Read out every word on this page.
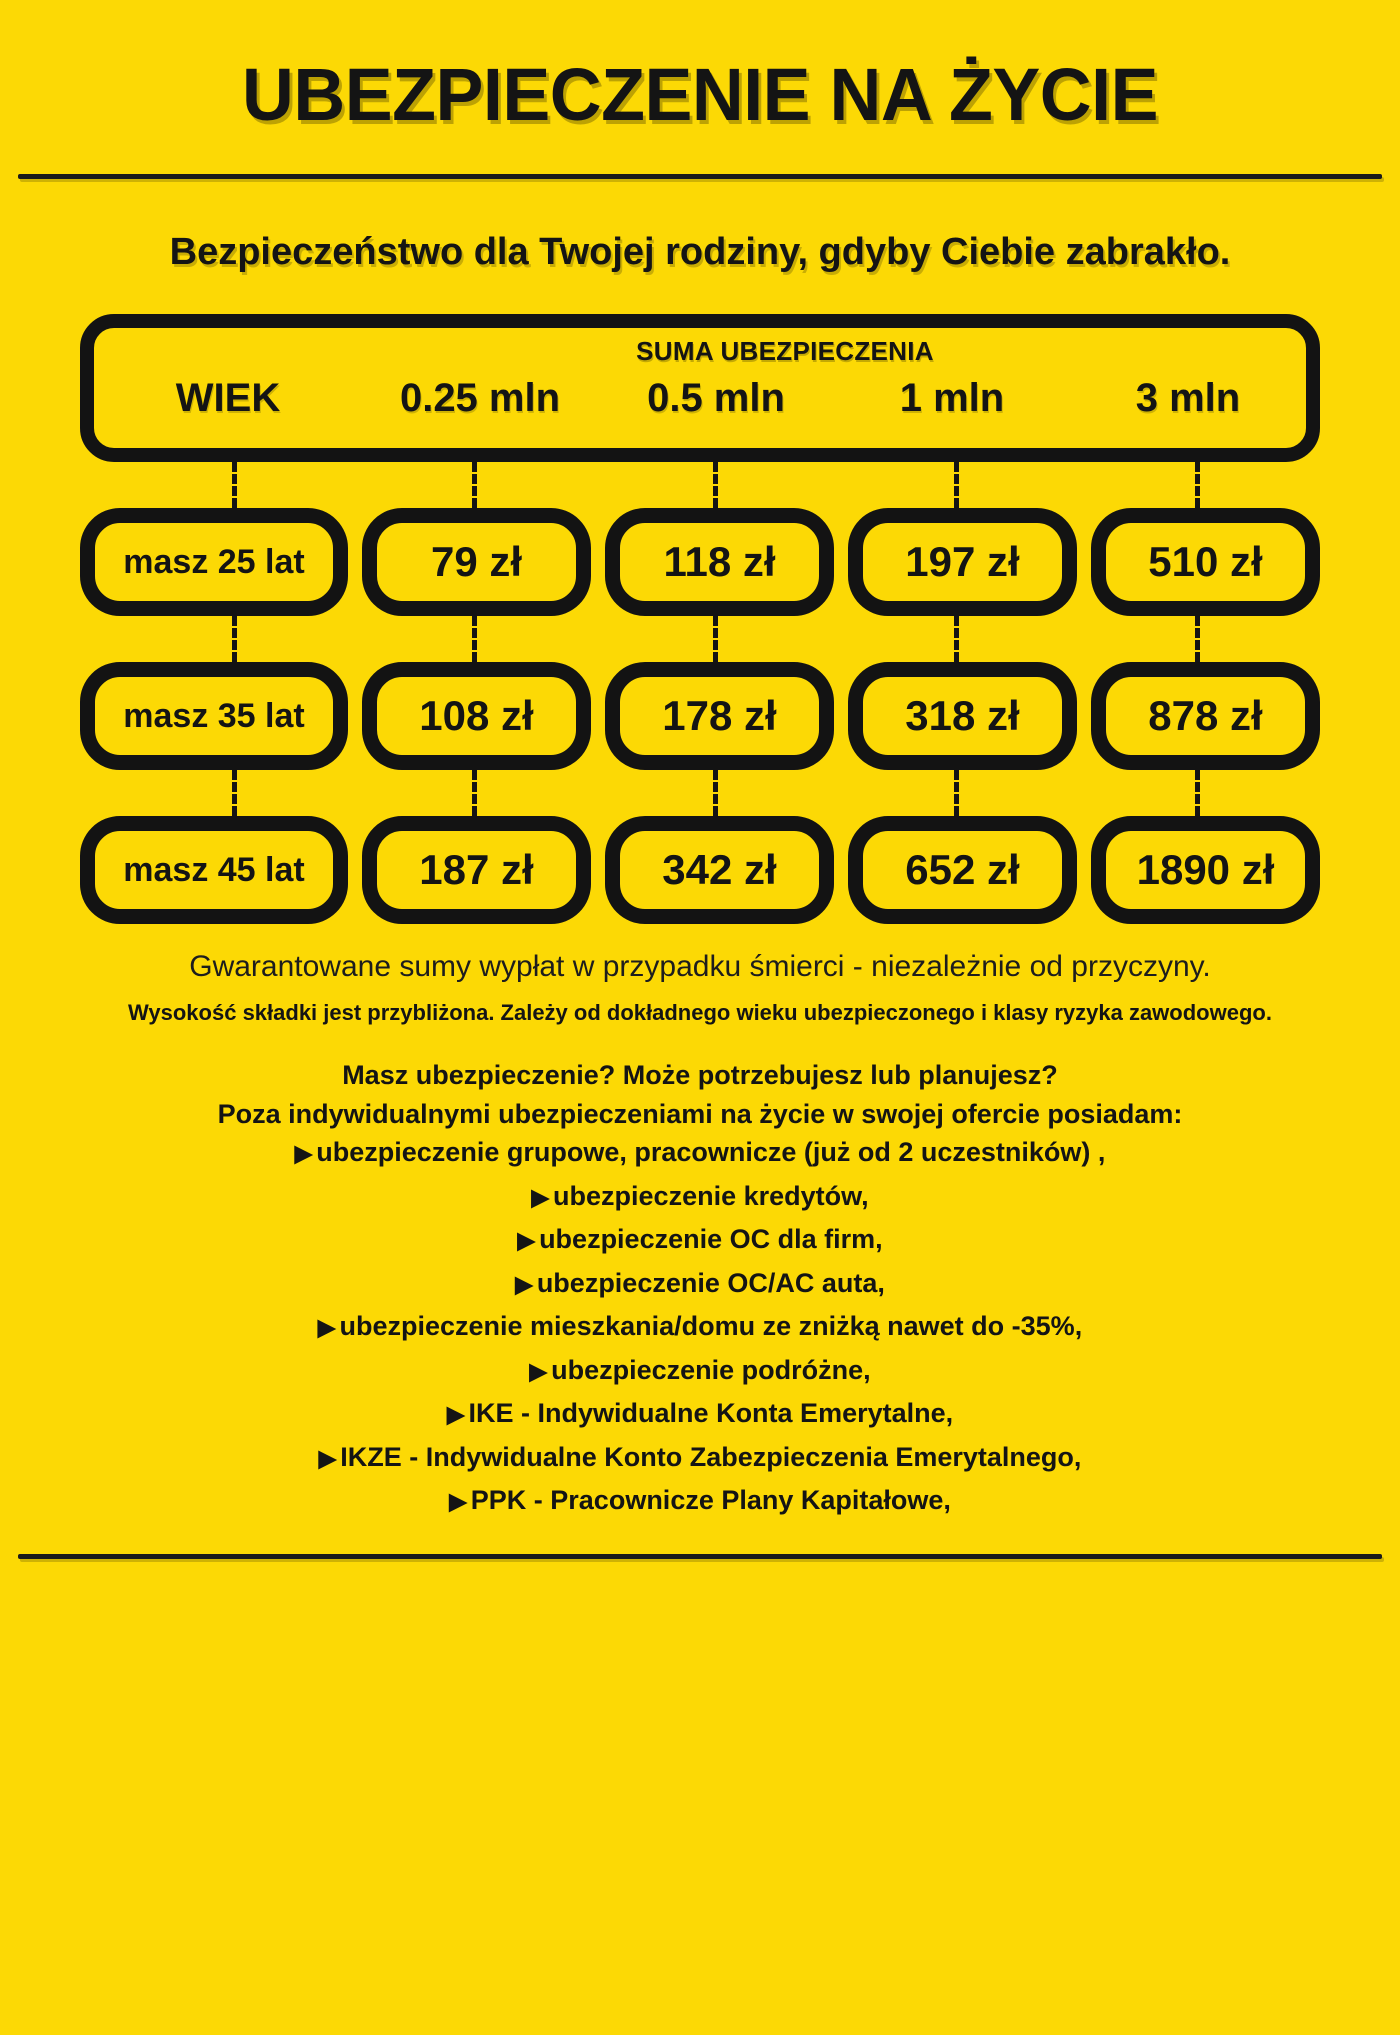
UBEZPIECZENIE NA ŻYCIE
Bezpieczeństwo dla Twojej rodziny, gdyby Ciebie zabrakło.
SUMA UBEZPIECZENIA
WIEK	0.25 mln	0.5 mln	1 mln	3 mln
masz 25 lat	79 zł	118 zł	197 zł	510 zł
masz 35 lat	108 zł	178 zł	318 zł	878 zł
masz 45 lat	187 zł	342 zł	652 zł	1890 zł

Gwarantowane sumy wypłat w przypadku śmierci - niezależnie od przyczyny.

Wysokość składki jest przybliżona. Zależy od dokładnego wieku ubezpieczonego i klasy ryzyka zawodowego.

Masz ubezpieczenie? Może potrzebujesz lub planujesz?

Poza indywidualnymi ubezpieczeniami na życie w swojej ofercie posiadam:

▶ ubezpieczenie grupowe, pracownicze (już od 2 uczestników) ,

▶ ubezpieczenie kredytów,

▶ ubezpieczenie OC dla firm,

▶ ubezpieczenie OC/AC auta,

▶ ubezpieczenie mieszkania/domu ze zniżką nawet do -35%,

▶ ubezpieczenie podróżne,

▶ IKE - Indywidualne Konta Emerytalne,

▶ IKZE - Indywidualne Konto Zabezpieczenia Emerytalnego,

▶ PPK - Pracownicze Plany Kapitałowe,
